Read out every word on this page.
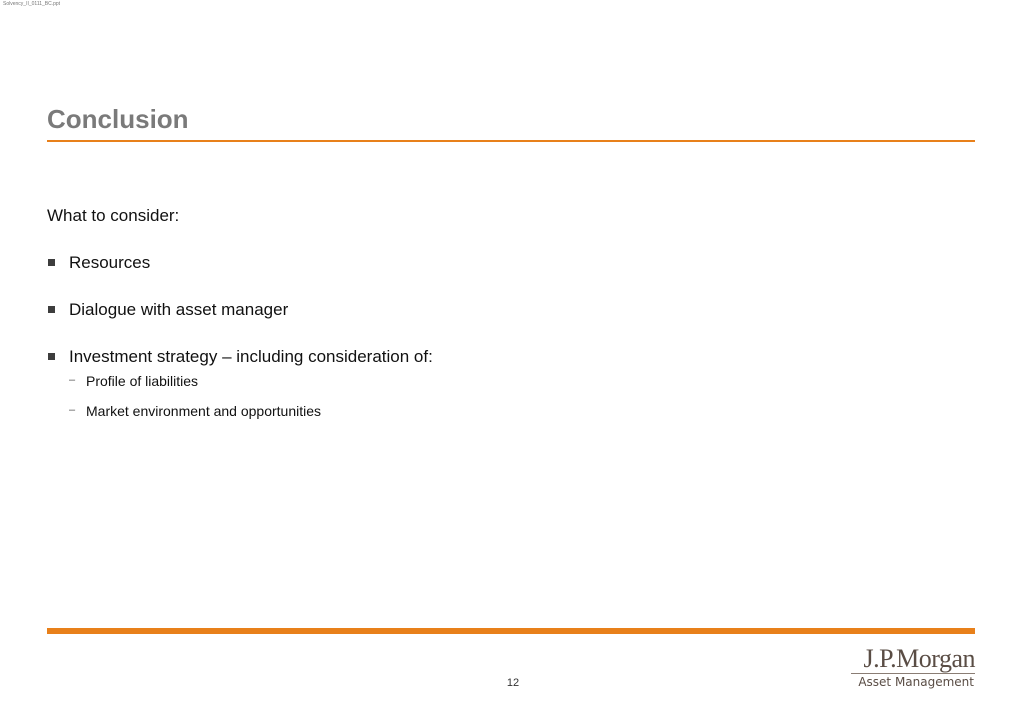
Solvency_II_0111_BC.ppt
Conclusion
What to consider:
Resources
Dialogue with asset manager
Investment strategy – including consideration of:
– Profile of liabilities
– Market environment and opportunities
12
J.P.Morgan
Asset Management
